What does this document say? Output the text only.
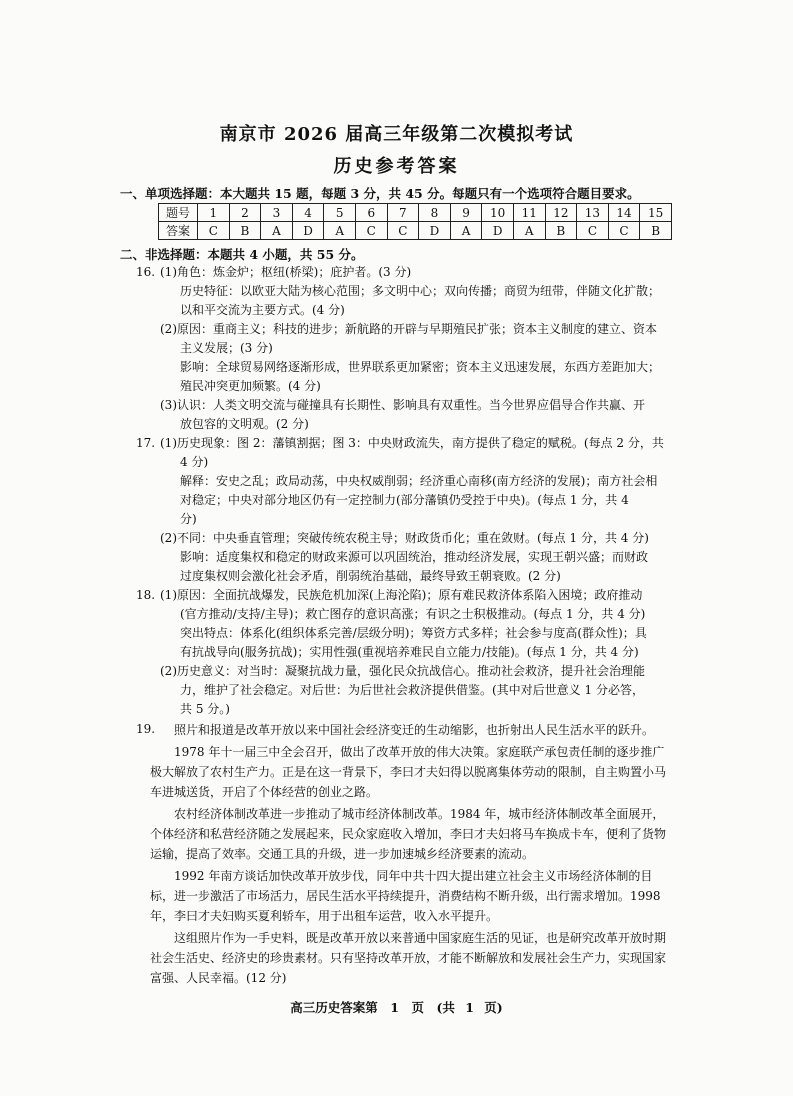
南京市 2026 届高三年级第二次模拟考试
历史参考答案
一、单项选择题：本大题共 15 题，每题 3 分，共 45 分。每题只有一个选项符合题目要求。
题号	1	2	3	4	5	6	7	8	9	10	11	12	13	14	15
答案	C	B	A	D	A	C	C	D	A	D	A	B	C	C	B
二、非选择题：本题共 4 小题，共 55 分。
16. (1)角色：炼金炉；枢纽(桥梁)；庇护者。(3 分)
历史特征：以欧亚大陆为核心范围；多文明中心；双向传播；商贸为纽带，伴随文化扩散；
以和平交流为主要方式。(4 分)
(2)原因：重商主义；科技的进步；新航路的开辟与早期殖民扩张；资本主义制度的建立、资本
主义发展；(3 分)
影响：全球贸易网络逐渐形成，世界联系更加紧密；资本主义迅速发展，东西方差距加大；
殖民冲突更加频繁。(4 分)
(3)认识：人类文明交流与碰撞具有长期性、影响具有双重性。当今世界应倡导合作共赢、开
放包容的文明观。(2 分)
17. (1)历史现象：图 2：藩镇割据；图 3：中央财政流失，南方提供了稳定的赋税。(每点 2 分，共
4 分)
解释：安史之乱；政局动荡，中央权威削弱；经济重心南移(南方经济的发展)；南方社会相
对稳定；中央对部分地区仍有一定控制力(部分藩镇仍受控于中央)。(每点 1 分，共 4
分)
(2)不同：中央垂直管理；突破传统农税主导；财政货币化；重在敛财。(每点 1 分，共 4 分)
影响：适度集权和稳定的财政来源可以巩固统治，推动经济发展，实现王朝兴盛；而财政
过度集权则会激化社会矛盾，削弱统治基础，最终导致王朝衰败。(2 分)
18. (1)原因：全面抗战爆发，民族危机加深(上海沦陷)；原有难民救济体系陷入困境；政府推动
(官方推动/支持/主导)；救亡图存的意识高涨；有识之士积极推动。(每点 1 分，共 4 分)
突出特点：体系化(组织体系完善/层级分明)；筹资方式多样；社会参与度高(群众性)；具
有抗战导向(服务抗战)；实用性强(重视培养难民自立能力/技能)。(每点 1 分，共 4 分)
(2)历史意义：对当时：凝聚抗战力量，强化民众抗战信心。推动社会救济，提升社会治理能
力，维护了社会稳定。对后世：为后世社会救济提供借鉴。(其中对后世意义 1 分必答，
共 5 分。)
19.	照片和报道是改革开放以来中国社会经济变迁的生动缩影，也折射出人民生活水平的跃升。
1978 年十一届三中全会召开，做出了改革开放的伟大决策。家庭联产承包责任制的逐步推广极大解放了农村生产力。正是在这一背景下，李曰才夫妇得以脱离集体劳动的限制，自主购置小马车进城送货，开启了个体经营的创业之路。
农村经济体制改革进一步推动了城市经济体制改革。1984 年，城市经济体制改革全面展开，个体经济和私营经济随之发展起来，民众家庭收入增加，李曰才夫妇将马车换成卡车，便利了货物运输，提高了效率。交通工具的升级，进一步加速城乡经济要素的流动。
1992 年南方谈话加快改革开放步伐，同年中共十四大提出建立社会主义市场经济体制的目标，进一步激活了市场活力，居民生活水平持续提升，消费结构不断升级，出行需求增加。1998 年，李曰才夫妇购买夏利轿车，用于出租车运营，收入水平提升。
高三历史答案第　1　页　(共 1 页)
这组照片作为一手史料，既是改革开放以来普通中国家庭生活的见证，也是研究改革开放时期社会生活史、经济史的珍贵素材。只有坚持改革开放，才能不断解放和发展社会生产力，实现国家富强、人民幸福。(12 分)
